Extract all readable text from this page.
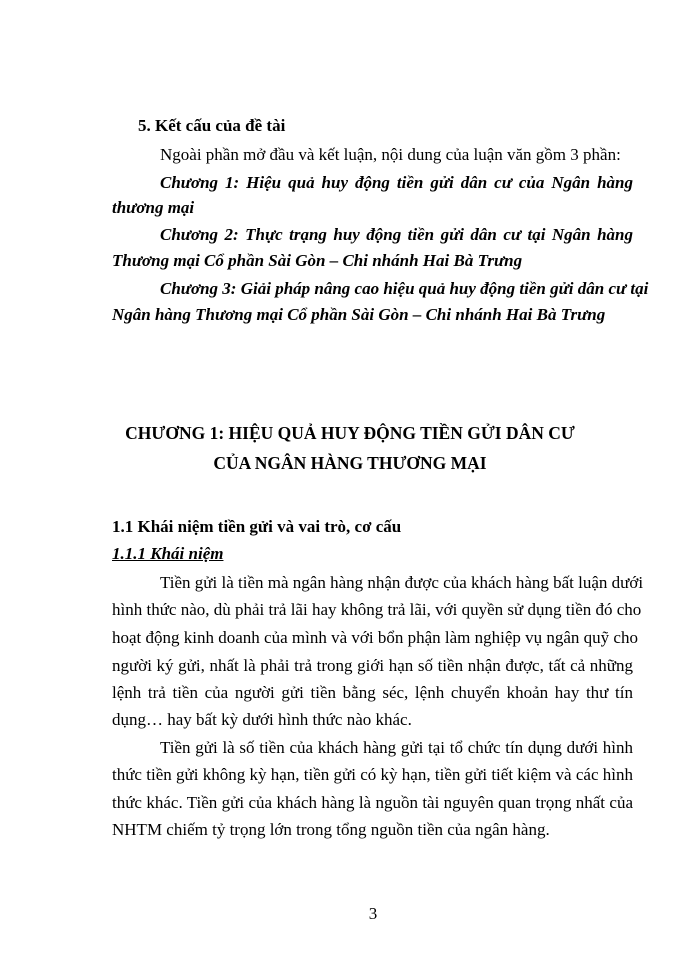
5. Kết cấu của đề tài
Ngoài phần mở đầu và kết luận, nội dung của luận văn gồm 3 phần:
Chương 1: Hiệu quả huy động tiền gửi dân cư của Ngân hàng
thương mại
Chương 2: Thực trạng huy động tiền gửi dân cư tại Ngân hàng
Thương mại Cổ phần Sài Gòn – Chi nhánh Hai Bà Trưng
Chương 3: Giải pháp nâng cao hiệu quả huy động tiền gửi dân cư tại
Ngân hàng Thương mại Cổ phần Sài Gòn – Chi nhánh Hai Bà Trưng
CHƯƠNG 1: HIỆU QUẢ HUY ĐỘNG TIỀN GỬI DÂN CƯ
CỦA NGÂN HÀNG THƯƠNG MẠI
1.1 Khái niệm tiền gửi và vai trò, cơ cấu
1.1.1 Khái niệm
Tiền gửi là tiền mà ngân hàng nhận được của khách hàng bất luận dưới
hình thức nào, dù phải trả lãi hay không trả lãi, với quyền sử dụng tiền đó cho
hoạt động kinh doanh của mình và với bổn phận làm nghiệp vụ ngân quỹ cho
người ký gửi, nhất là phải trả trong giới hạn số tiền nhận được, tất cả những
lệnh trả tiền của người gửi tiền bằng séc, lệnh chuyển khoản hay thư tín
dụng… hay bất kỳ dưới hình thức nào khác.
Tiền gửi là số tiền của khách hàng gửi tại tổ chức tín dụng dưới hình
thức tiền gửi không kỳ hạn, tiền gửi có kỳ hạn, tiền gửi tiết kiệm và các hình
thức khác. Tiền gửi của khách hàng là nguồn tài nguyên quan trọng nhất của
NHTM chiếm tỷ trọng lớn trong tổng nguồn tiền của ngân hàng.
3
